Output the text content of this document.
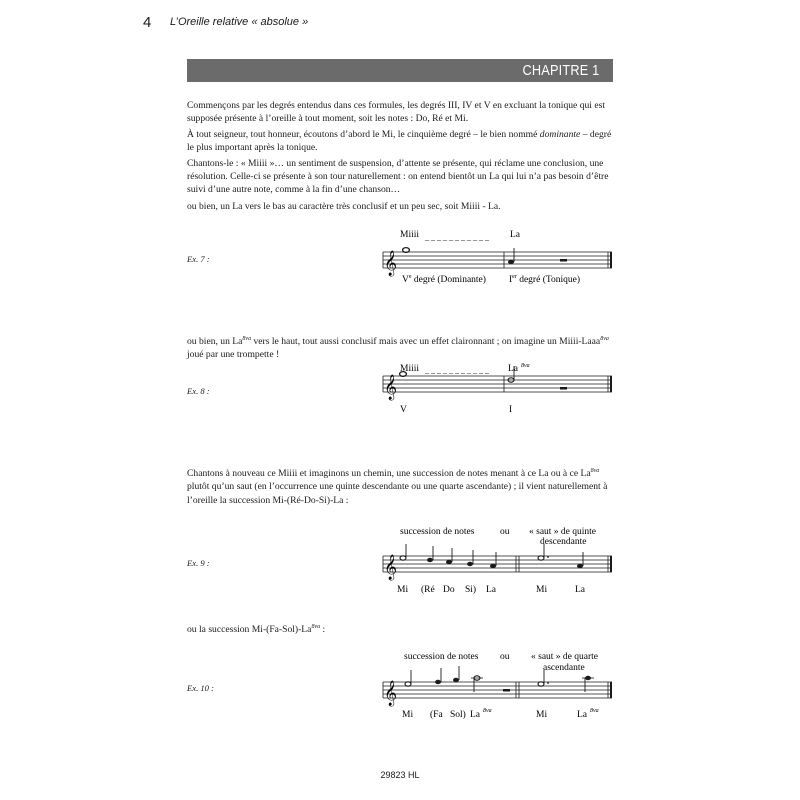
4 L’Oreille relative « absolue »
CHAPITRE 1
Commençons par les degrés entendus dans ces formules, les degrés III, IV et V en excluant la tonique qui est supposée présente à l’oreille à tout moment, soit les notes : Do, Ré et Mi.
À tout seigneur, tout honneur, écoutons d’abord le Mi, le cinquième degré – le bien nommé dominante – degré le plus important après la tonique.
Chantons-le : « Miiii »… un sentiment de suspension, d’attente se présente, qui réclame une conclusion, une résolution. Celle-ci se présente à son tour naturellement : on entend bientôt un La qui lui n’a pas besoin d’être suivi d’une autre note, comme à la fin d’une chanson…
ou bien, un La vers le bas au caractère très conclusif et un peu sec, soit Miiii - La.
ou bien, un $La^{8va}$ vers le haut, tout aussi conclusif mais avec un effet claironnant ; on imagine un Miiii-Laaa$^{8va}$ joué par une trompette !
Chantons à nouveau ce Miiii et imaginons un chemin, une succession de notes menant à ce La ou à ce $La^{8va}$ plutôt qu’un saut (en l’occurrence une quinte descendante ou une quarte ascendante) ; il vient naturellement à l’oreille la succession Mi-(Ré-Do-Si)-La :
ou la succession $Mi-(Fa-Sol)-La^{8va}$ :
Ex. 7 :
Ex. 8 :
Ex. 9 :
Ex. 10 :
𝄞
Miiii _ _ _ _ _ _ _ _ _ _ _ La
Ve degré (Dominante) Ier degré (Tonique)
𝄞
Miiii _ _ _ _ _ _ _ _ _ _ _ La 8va
V	I
𝄞
succession de notes	ou « saut » de quinte
descendante
Mi (Ré Do Si) La	Mi	La
𝄞
succession de notes ou « saut » de quarte
ascendante
Mi (Fa Sol) La 8va	Mi	La 8va
29823 HL
